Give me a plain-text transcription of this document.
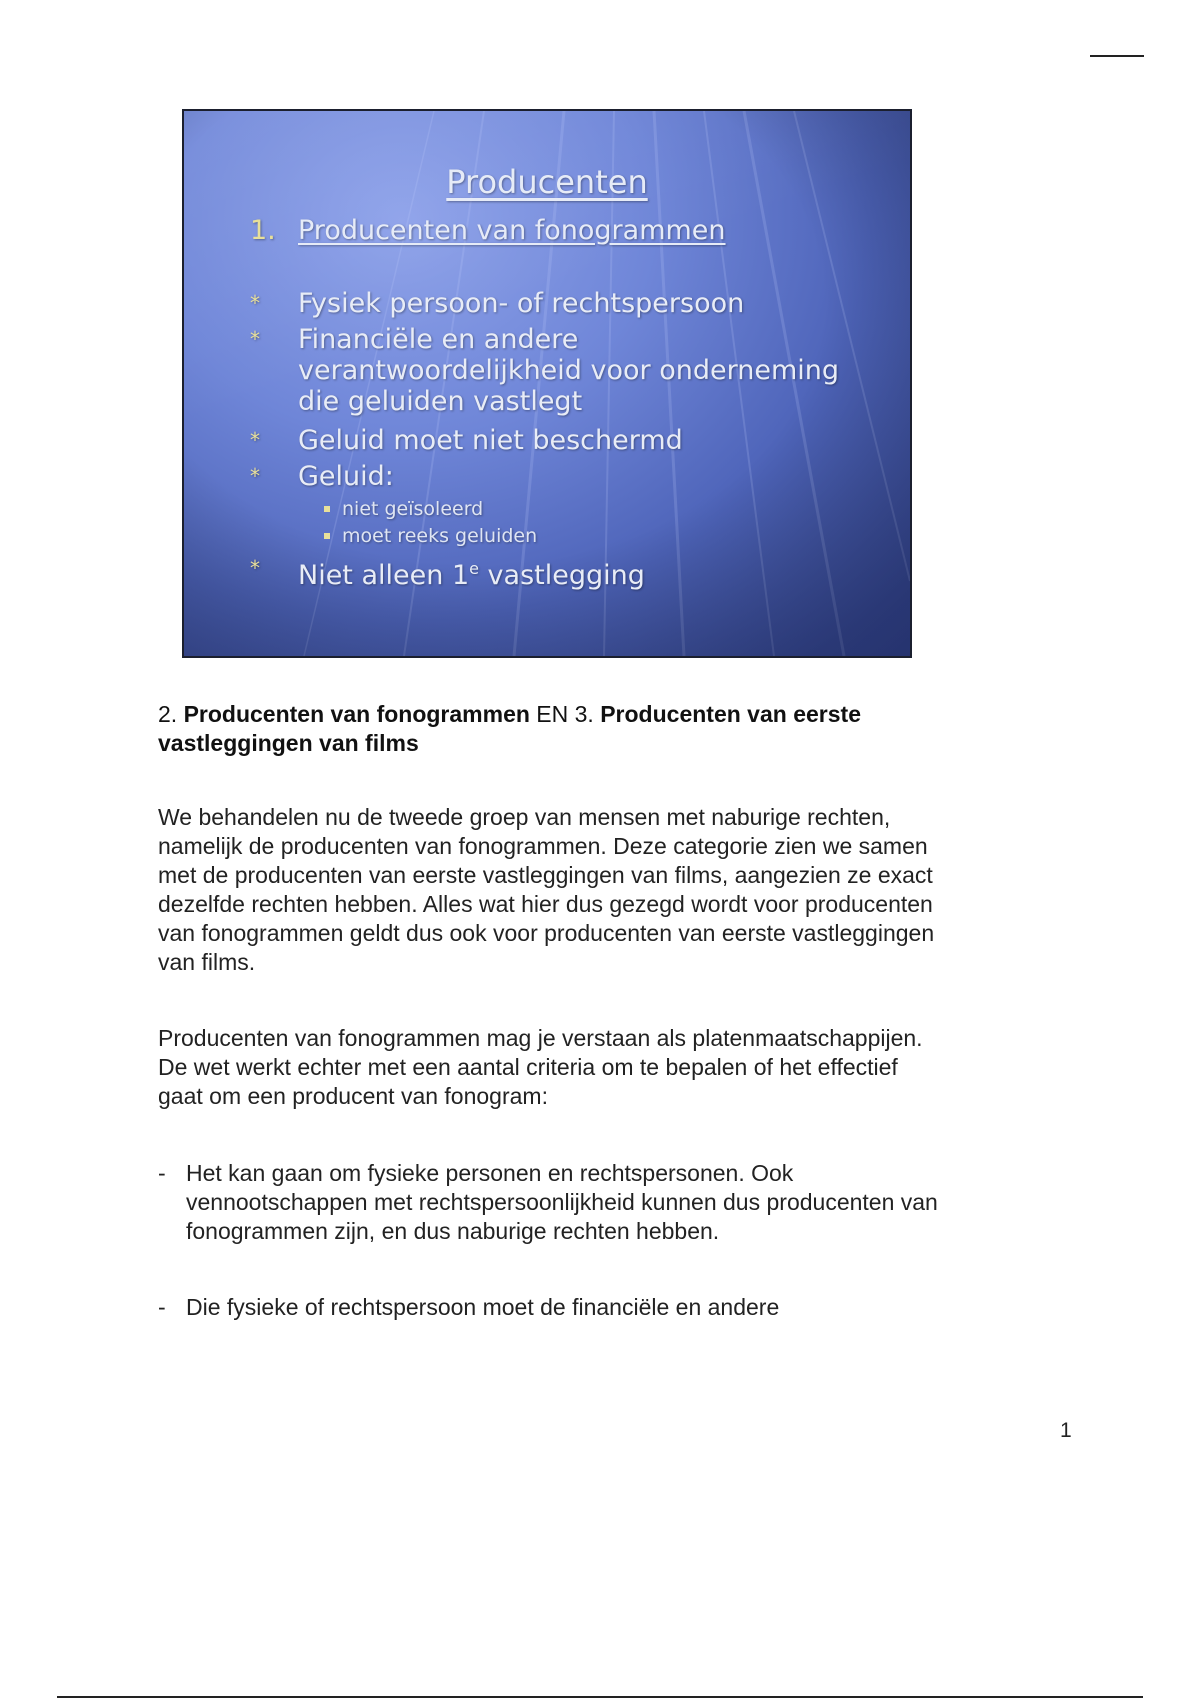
Producenten
1. Producenten van fonogrammen
* Fysiek persoon- of rechtspersoon
* Financiële en andere
verantwoordelijkheid voor onderneming
die geluiden vastlegt
* Geluid moet niet beschermd
* Geluid:
niet geïsoleerd
moet reeks geluiden
* Niet alleen 1e vastlegging
2. Producenten van fonogrammen EN 3. Producenten van eerste vastleggingen van films

We behandelen nu de tweede groep van mensen met naburige rechten, namelijk de producenten van fonogrammen. Deze categorie zien we samen met de producenten van eerste vastleggingen van films, aangezien ze exact dezelfde rechten hebben. Alles wat hier dus gezegd wordt voor producenten van fonogrammen geldt dus ook voor producenten van eerste vastleggingen van films.

Producenten van fonogrammen mag je verstaan als platenmaatschappijen. De wet werkt echter met een aantal criteria om te bepalen of het effectief gaat om een producent van fonogram:

- Het kan gaan om fysieke personen en rechtspersonen. Ook vennootschappen met rechtspersoonlijkheid kunnen dus producenten van fonogrammen zijn, en dus naburige rechten hebben.
- Die fysieke of rechtspersoon moet de financiële en andere
1
